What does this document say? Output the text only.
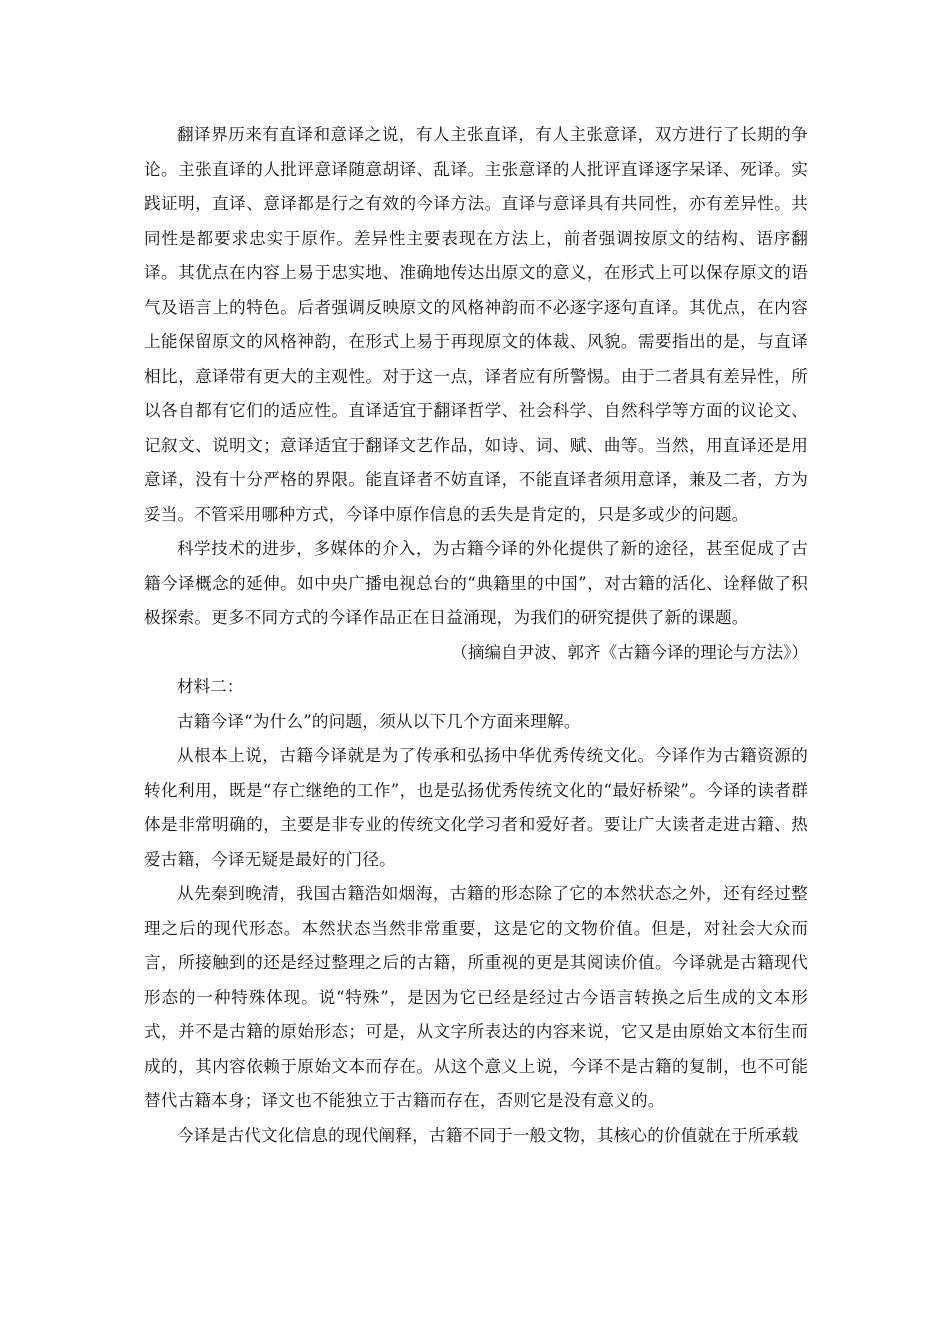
翻译界历来有直译和意译之说，有人主张直译，有人主张意译，双方进行了长期的争论。主张直译的人批评意译随意胡译、乱译。主张意译的人批评直译逐字呆译、死译。实践证明，直译、意译都是行之有效的今译方法。直译与意译具有共同性，亦有差异性。共同性是都要求忠实于原作。差异性主要表现在方法上，前者强调按原文的结构、语序翻译。其优点在内容上易于忠实地、准确地传达出原文的意义，在形式上可以保存原文的语气及语言上的特色。后者强调反映原文的风格神韵而不必逐字逐句直译。其优点，在内容上能保留原文的风格神韵，在形式上易于再现原文的体裁、风貌。需要指出的是，与直译相比，意译带有更大的主观性。对于这一点，译者应有所警惕。由于二者具有差异性，所以各自都有它们的适应性。直译适宜于翻译哲学、社会科学、自然科学等方面的议论文、记叙文、说明文；意译适宜于翻译文艺作品，如诗、词、赋、曲等。当然，用直译还是用意译，没有十分严格的界限。能直译者不妨直译，不能直译者须用意译，兼及二者，方为妥当。不管采用哪种方式，今译中原作信息的丢失是肯定的，只是多或少的问题。

科学技术的进步，多媒体的介入，为古籍今译的外化提供了新的途径，甚至促成了古籍今译概念的延伸。如中央广播电视总台的“典籍里的中国”，对古籍的活化、诠释做了积极探索。更多不同方式的今译作品正在日益涌现，为我们的研究提供了新的课题。

（摘编自尹波、郭齐《古籍今译的理论与方法》）

材料二：

古籍今译“为什么”的问题，须从以下几个方面来理解。

从根本上说，古籍今译就是为了传承和弘扬中华优秀传统文化。今译作为古籍资源的转化利用，既是“存亡继绝的工作”，也是弘扬优秀传统文化的“最好桥梁”。今译的读者群体是非常明确的，主要是非专业的传统文化学习者和爱好者。要让广大读者走进古籍、热爱古籍，今译无疑是最好的门径。

从先秦到晚清，我国古籍浩如烟海，古籍的形态除了它的本然状态之外，还有经过整理之后的现代形态。本然状态当然非常重要，这是它的文物价值。但是，对社会大众而言，所接触到的还是经过整理之后的古籍，所重视的更是其阅读价值。今译就是古籍现代形态的一种特殊体现。说“特殊”，是因为它已经是经过古今语言转换之后生成的文本形式，并不是古籍的原始形态；可是，从文字所表达的内容来说，它又是由原始文本衍生而成的，其内容依赖于原始文本而存在。从这个意义上说，今译不是古籍的复制，也不可能替代古籍本身；译文也不能独立于古籍而存在，否则它是没有意义的。

今译是古代文化信息的现代阐释，古籍不同于一般文物，其核心的价值就在于所承载
